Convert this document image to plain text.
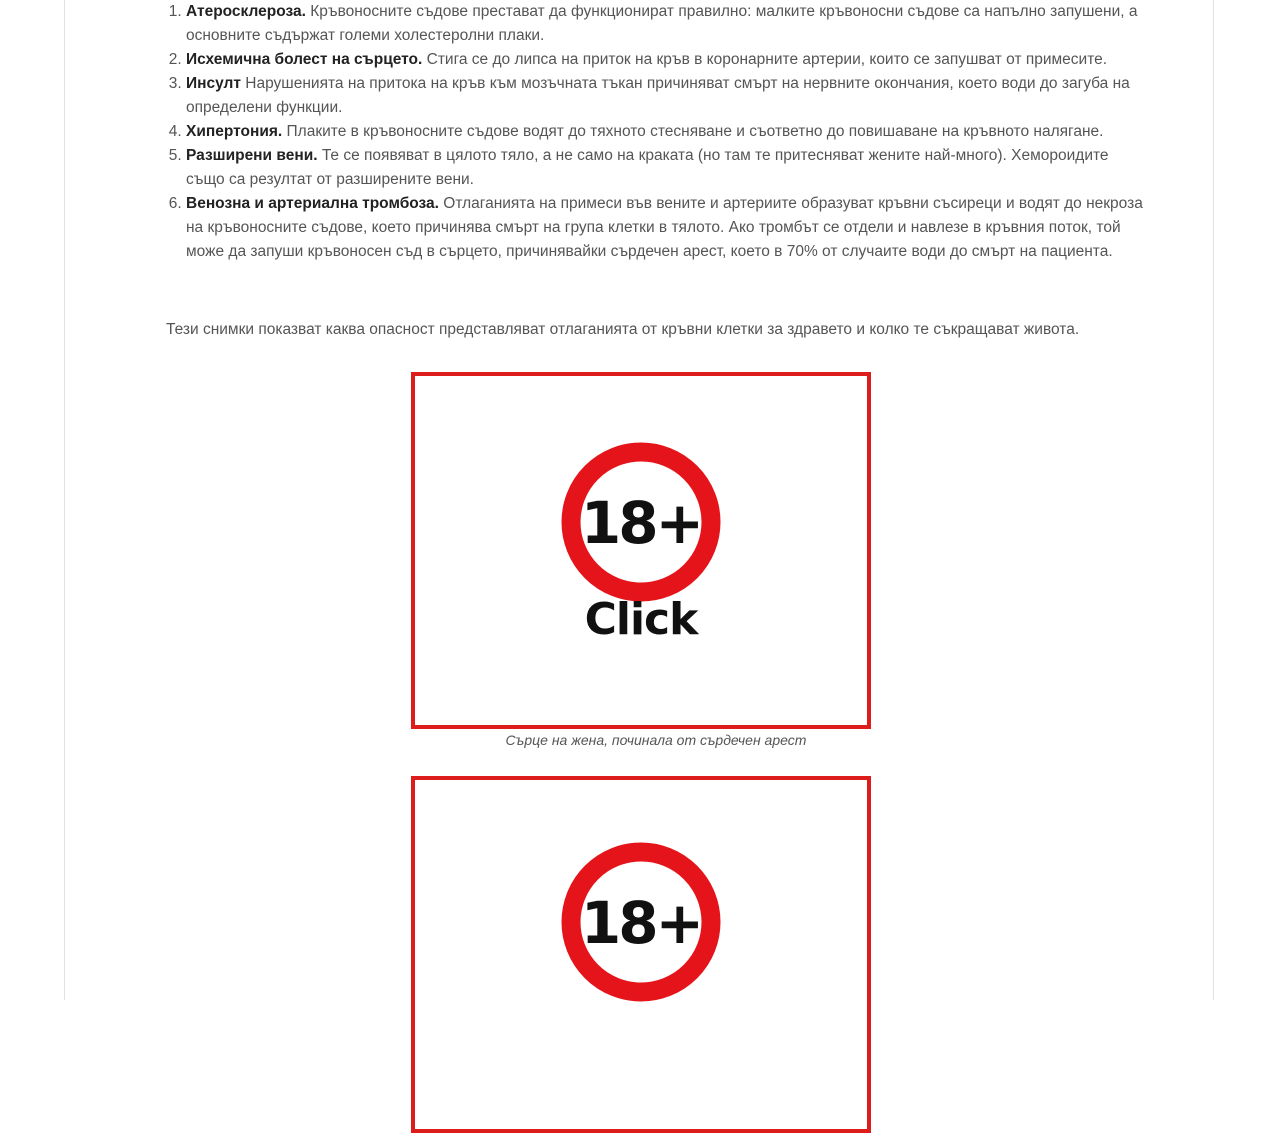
1. Атеросклероза. Кръвоносните съдове престават да функционират правилно: малките кръвоносни съдове са напълно запушени, а основните съдържат големи холестеролни плаки.
2. Исхемична болест на сърцето. Стига се до липса на приток на кръв в коронарните артерии, които се запушват от примесите.
3. Инсулт Нарушенията на притока на кръв към мозъчната тъкан причиняват смърт на нервните окончания, което води до загуба на определени функции.
4. Хипертония. Плаките в кръвоносните съдове водят до тяхното стесняване и съответно до повишаване на кръвното налягане.
5. Разширени вени. Те се появяват в цялото тяло, а не само на краката (но там те притесняват жените най-много). Хемороидите също са резултат от разширените вени.
6. Венозна и артериална тромбоза. Отлаганията на примеси във вените и артериите образуват кръвни съсиреци и водят до некроза на кръвоносните съдове, което причинява смърт на група клетки в тялото. Ако тромбът се отдели и навлезе в кръвния поток, той може да запуши кръвоносен съд в сърцето, причинявайки сърдечен арест, което в 70% от случаите води до смърт на пациента.

Тези снимки показват каква опасност представляват отлаганията от кръвни клетки за здравето и колко те съкращават живота.

18+
Click
Сърце на жена, починала от сърдечен арест
18+
